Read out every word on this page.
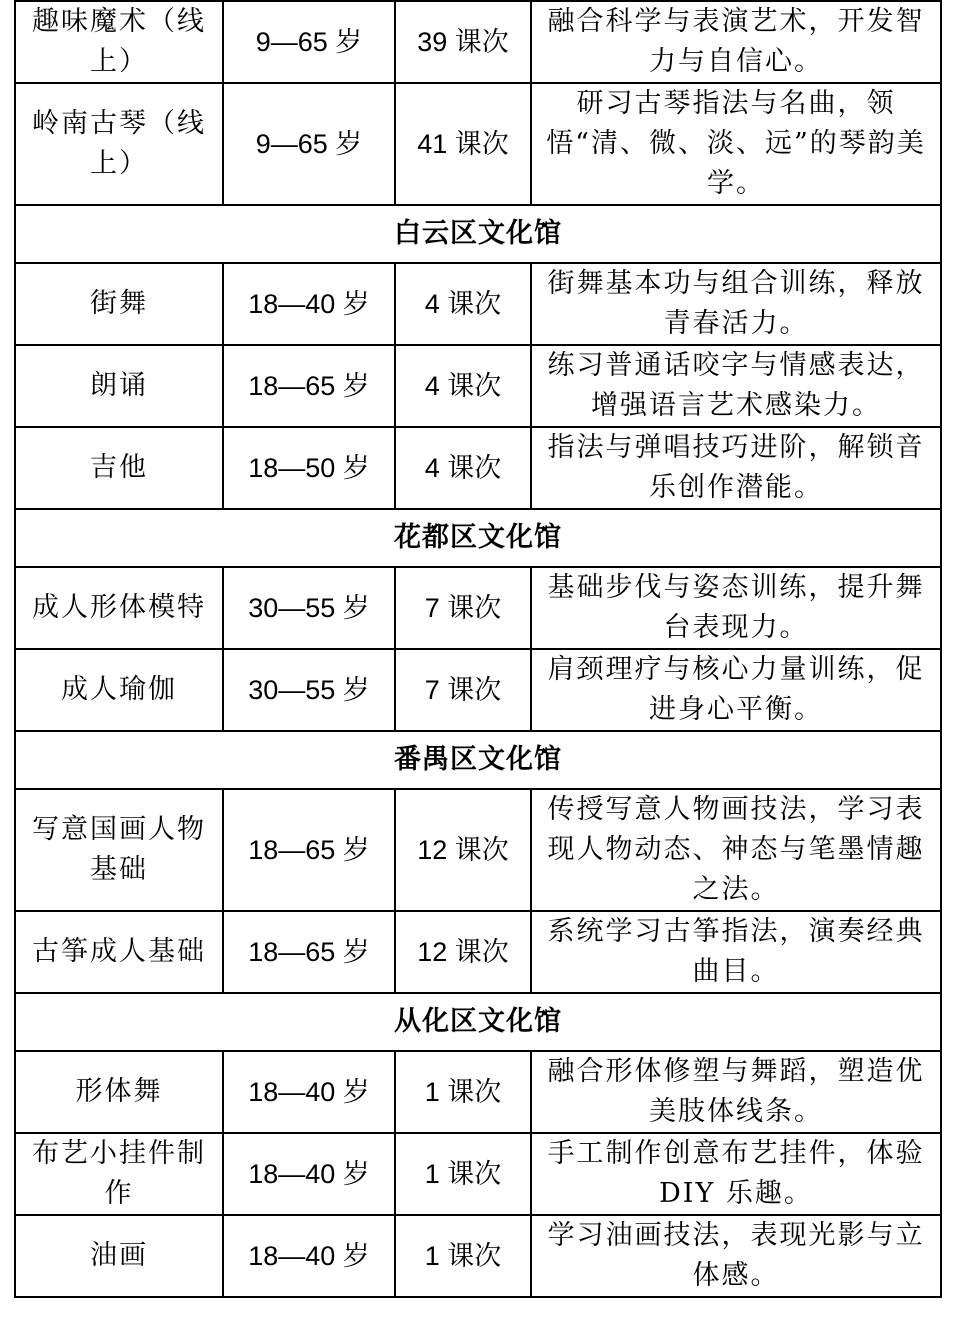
趣味魔术（线上）	9—65 岁	39 课次	融合科学与表演艺术，开发智力与自信心。
岭南古琴（线上）	9—65 岁	41 课次	研习古琴指法与名曲，领悟“清、微、淡、远”的琴韵美学。
白云区文化馆			
街舞	18—40 岁	4 课次	街舞基本功与组合训练，释放青春活力。
朗诵	18—65 岁	4 课次	练习普通话咬字与情感表达，增强语言艺术感染力。
吉他	18—50 岁	4 课次	指法与弹唱技巧进阶，解锁音乐创作潜能。
花都区文化馆			
成人形体模特	30—55 岁	7 课次	基础步伐与姿态训练，提升舞台表现力。
成人瑜伽	30—55 岁	7 课次	肩颈理疗与核心力量训练，促进身心平衡。
番禺区文化馆			
写意国画人物基础	18—65 岁	12 课次	传授写意人物画技法，学习表现人物动态、神态与笔墨情趣之法。
古筝成人基础	18—65 岁	12 课次	系统学习古筝指法，演奏经典曲目。
从化区文化馆			
形体舞	18—40 岁	1 课次	融合形体修塑与舞蹈，塑造优美肢体线条。
布艺小挂件制作	18—40 岁	1 课次	手工制作创意布艺挂件，体验 DIY 乐趣。
油画	18—40 岁	1 课次	学习油画技法，表现光影与立体感。
